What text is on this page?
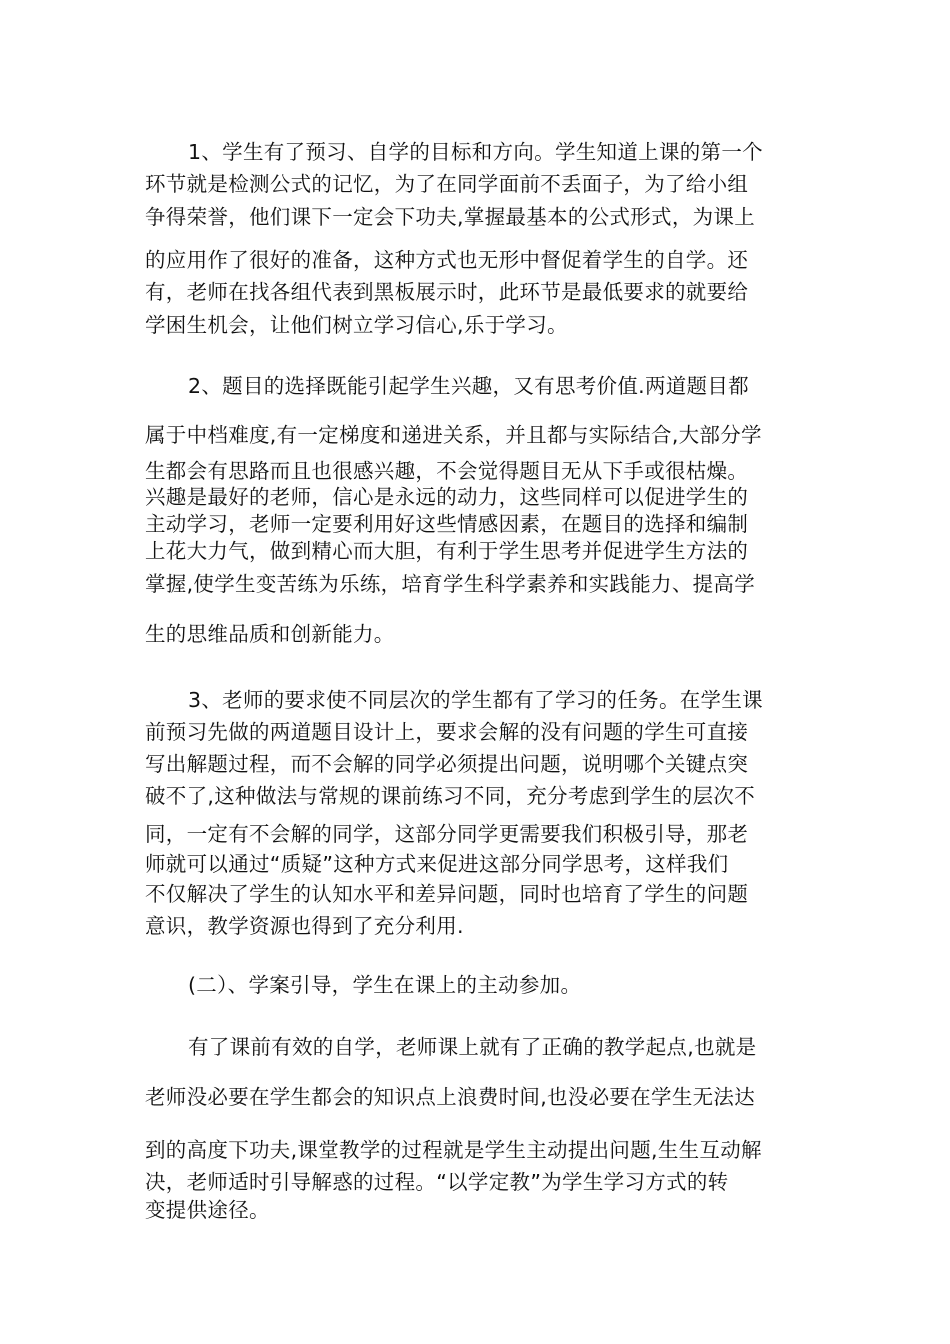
1、学生有了预习、自学的目标和方向。学生知道上课的第一个
环节就是检测公式的记忆，为了在同学面前不丢面子，为了给小组
争得荣誉，他们课下一定会下功夫,掌握最基本的公式形式，为课上
的应用作了很好的准备，这种方式也无形中督促着学生的自学。还
有，老师在找各组代表到黑板展示时，此环节是最低要求的就要给
学困生机会，让他们树立学习信心,乐于学习。
2、题目的选择既能引起学生兴趣，又有思考价值.两道题目都
属于中档难度,有一定梯度和递进关系，并且都与实际结合,大部分学
生都会有思路而且也很感兴趣，不会觉得题目无从下手或很枯燥。
兴趣是最好的老师，信心是永远的动力，这些同样可以促进学生的
主动学习，老师一定要利用好这些情感因素，在题目的选择和编制
上花大力气，做到精心而大胆，有利于学生思考并促进学生方法的
掌握,使学生变苦练为乐练，培育学生科学素养和实践能力、提高学
生的思维品质和创新能力。
3、老师的要求使不同层次的学生都有了学习的任务。在学生课
前预习先做的两道题目设计上，要求会解的没有问题的学生可直接
写出解题过程，而不会解的同学必须提出问题，说明哪个关键点突
破不了,这种做法与常规的课前练习不同，充分考虑到学生的层次不
同，一定有不会解的同学，这部分同学更需要我们积极引导，那老
师就可以通过“质疑”这种方式来促进这部分同学思考，这样我们
不仅解决了学生的认知水平和差异问题，同时也培育了学生的问题
意识，教学资源也得到了充分利用.
(二）、学案引导，学生在课上的主动参加。
有了课前有效的自学，老师课上就有了正确的教学起点,也就是
老师没必要在学生都会的知识点上浪费时间,也没必要在学生无法达
到的高度下功夫,课堂教学的过程就是学生主动提出问题,生生互动解
决，老师适时引导解惑的过程。“以学定教”为学生学习方式的转
变提供途径。
